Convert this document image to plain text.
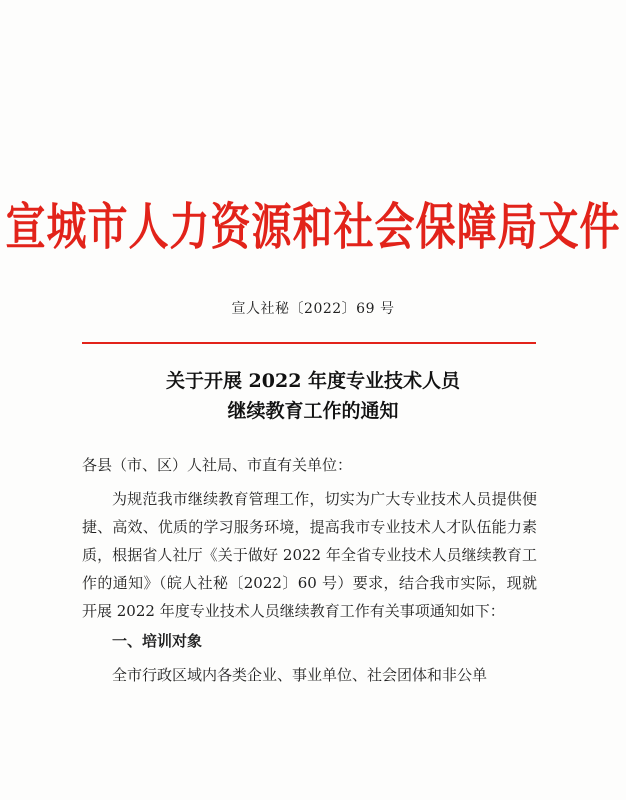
宣城市人力资源和社会保障局文件
宣人社秘〔2022〕69 号
关于开展 2022 年度专业技术人员
继续教育工作的通知

各县（市、区）人社局、市直有关单位：

为规范我市继续教育管理工作，切实为广大专业技术人员提供便捷、高效、优质的学习服务环境，提高我市专业技术人才队伍能力素质，根据省人社厅《关于做好 2022 年全省专业技术人员继续教育工作的通知》（皖人社秘〔2022〕60 号）要求，结合我市实际，现就开展 2022 年度专业技术人员继续教育工作有关事项通知如下：

一、培训对象

全市行政区域内各类企业、事业单位、社会团体和非公单
